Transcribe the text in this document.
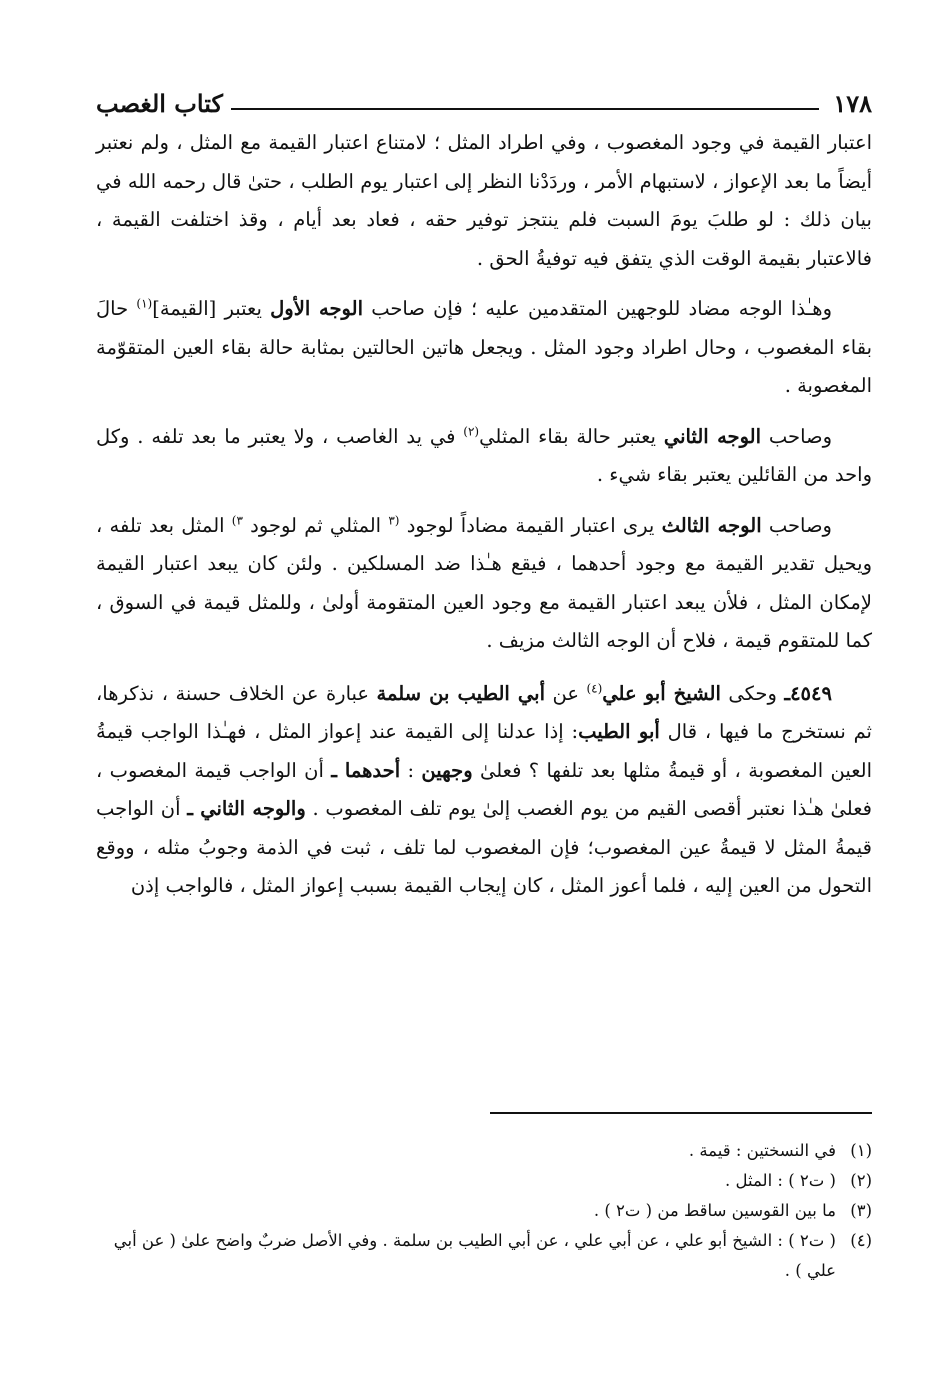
١٧٨
كتاب الغصب

اعتبار القيمة في وجود المغصوب ، وفي اطراد المثل ؛ لامتناع اعتبار القيمة مع المثل ، ولم نعتبر أيضاً ما بعد الإعواز ، لاستبهام الأمر ، وردَدْنا النظر إلى اعتبار يوم الطلب ، حتىٰ قال رحمه الله في بيان ذلك : لو طلبَ يومَ السبت فلم ينتجز توفير حقه ، فعاد بعد أيام ، وقذ اختلفت القيمة ، فالاعتبار بقيمة الوقت الذي يتفق فيه توفيةُ الحق .

وهـٰذا الوجه مضاد للوجهين المتقدمين عليه ؛ فإن صاحب الوجه الأول يعتبر [القيمة]$^{(١)}$ حالَ بقاء المغصوب ، وحال اطراد وجود المثل . ويجعل هاتين الحالتين بمثابة حالة بقاء العين المتقوّمة المغصوبة .

وصاحب الوجه الثاني يعتبر حالة بقاء المثلي$^{(٢)}$ في يد الغاصب ، ولا يعتبر ما بعد تلفه . وكل واحد من القائلين يعتبر بقاء شيء .

وصاحب الوجه الثالث يرى اعتبار القيمة مضاداً لوجود $^{(٣}$ المثلي ثم لوجود $^{٣)}$ المثل بعد تلفه ، ويحيل تقدير القيمة مع وجود أحدهما ، فيقع هـٰذا ضد المسلكين . ولئن كان يبعد اعتبار القيمة لإمكان المثل ، فلأن يبعد اعتبار القيمة مع وجود العين المتقومة أولىٰ ، وللمثل قيمة في السوق ، كما للمتقوم قيمة ، فلاح أن الوجه الثالث مزيف .

٤٥٤٩ـ وحكى الشيخ أبو علي$^{(٤)}$ عن أبي الطيب بن سلمة عبارة عن الخلاف حسنة ، نذكرها، ثم نستخرج ما فيها ، قال أبو الطيب: إذا عدلنا إلى القيمة عند إعواز المثل ، فهـٰذا الواجب قيمةُ العين المغصوبة ، أو قيمةُ مثلها بعد تلفها ؟ فعلىٰ وجهين : أحدهما ـ أن الواجب قيمة المغصوب ، فعلىٰ هـٰذا نعتبر أقصى القيم من يوم الغصب إلىٰ يوم تلف المغصوب . والوجه الثاني ـ أن الواجب قيمةُ المثل لا قيمةُ عين المغصوب؛ فإن المغصوب لما تلف ، ثبت في الذمة وجوبُ مثله ، ووقع التحول من العين إليه ، فلما أعوز المثل ، كان إيجاب القيمة بسبب إعواز المثل ، فالواجب إذن

(١)
في النسختين : قيمة .
(٢)
( ت٢ ) : المثل .
(٣)
ما بين القوسين ساقط من ( ت٢ ) .
(٤)
( ت٢ ) : الشيخ أبو علي ، عن أبي علي ، عن أبي الطيب بن سلمة . وفي الأصل ضربٌ واضح علىٰ ( عن أبي علي ) .
